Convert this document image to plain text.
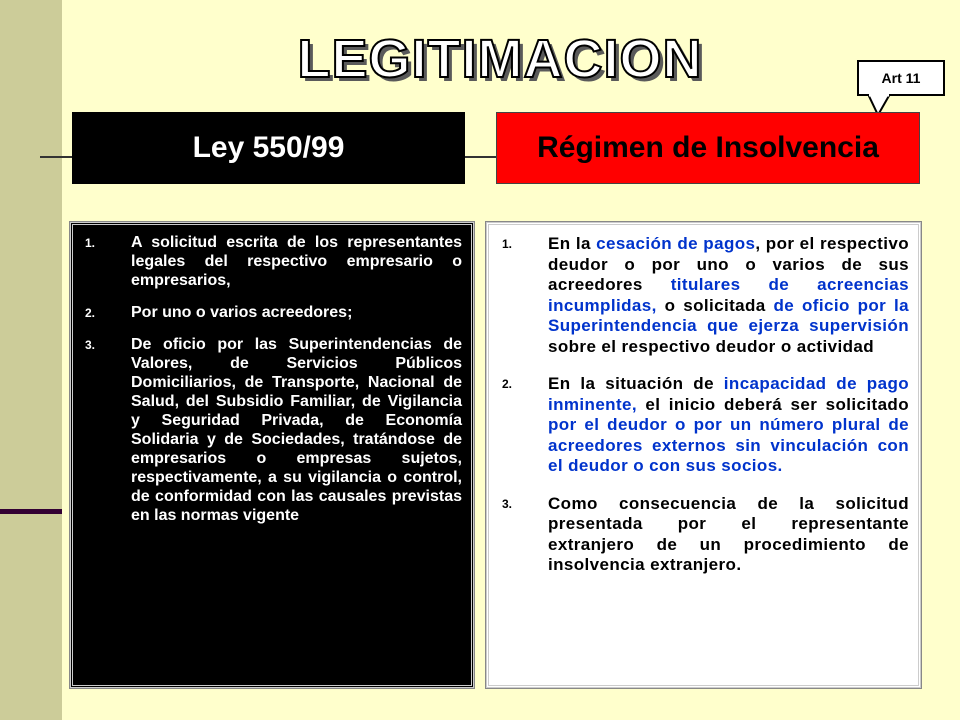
LEGITIMACION	Art 11
Ley 550/99	Régimen de Insolvencia
1.	A solicitud escrita de los representantes legales del respectivo empresario o empresarios,
2.	Por uno o varios acreedores;
3.	De oficio por las Superintendencias de Valores, de Servicios Públicos Domiciliarios, de Transporte, Nacional de Salud, del Subsidio Familiar, de Vigilancia y Seguridad Privada, de Economía Solidaria y de Sociedades, tratándose de empresarios o empresas sujetos, respectivamente, a su vigilancia o control, de conformidad con las causales previstas en las normas vigente
1.	En la cesación de pagos, por el respectivo deudor o por uno o varios de sus acreedores titulares de acreencias incumplidas, o solicitada de oficio por la Superintendencia que ejerza supervisión sobre el respectivo deudor o actividad
2.	En la situación de incapacidad de pago inminente, el inicio deberá ser solicitado por el deudor o por un número plural de acreedores externos sin vinculación con el deudor o con sus socios.
3.	Como consecuencia de la solicitud presentada por el representante extranjero de un procedimiento de insolvencia extranjero.
